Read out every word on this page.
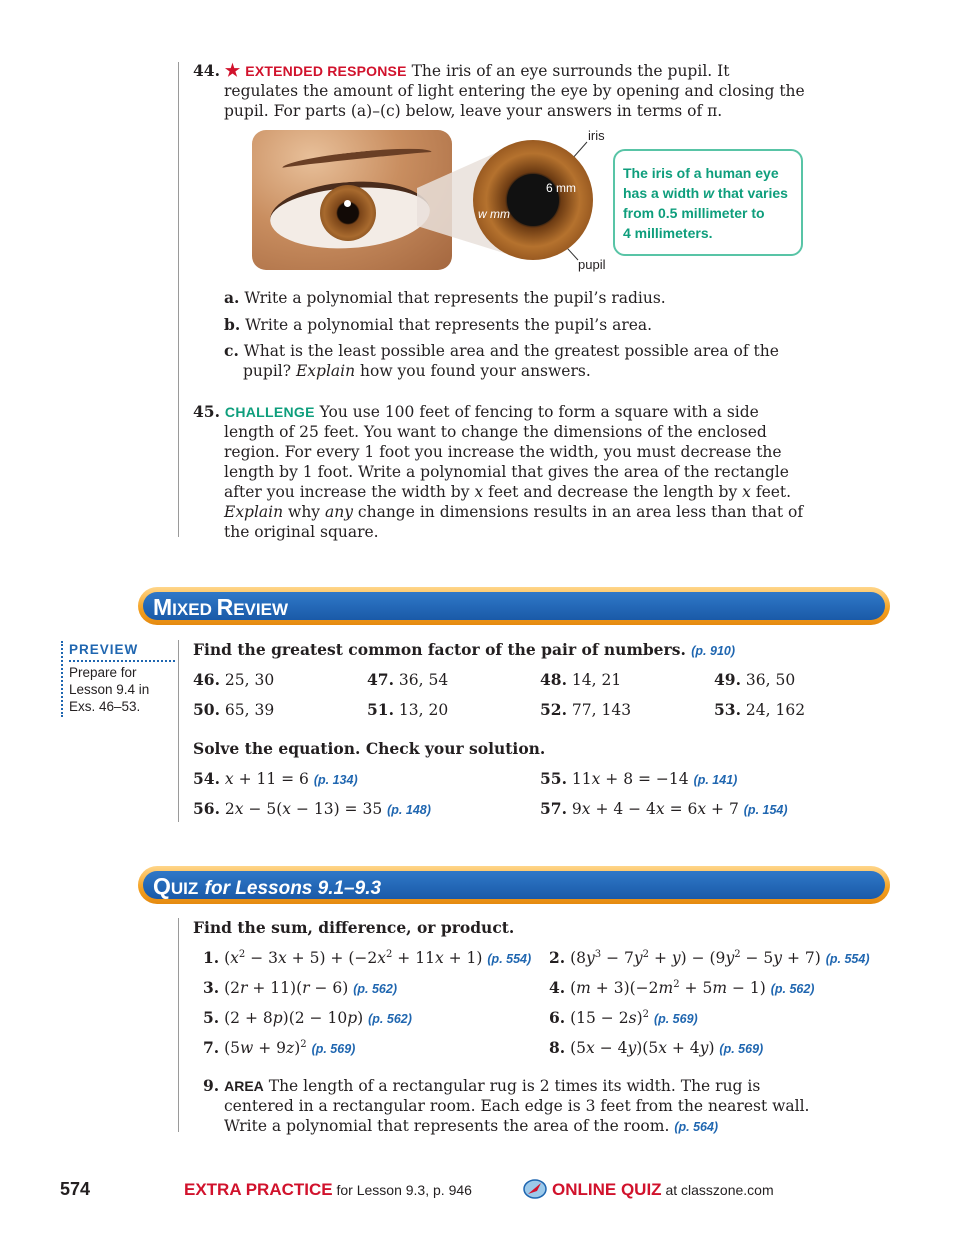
44. ★ EXTENDED RESPONSE The iris of an eye surrounds the pupil. It
regulates the amount of light entering the eye by opening and closing the
pupil. For parts (a)–(c) below, leave your answers in terms of π.
iris
pupil
6 mm
w mm
The iris of a human eye
has a width w that varies
from 0.5 millimeter to
4 millimeters.
a. Write a polynomial that represents the pupil’s radius.
b. Write a polynomial that represents the pupil’s area.
c. What is the least possible area and the greatest possible area of the
pupil? Explain how you found your answers.
45. CHALLENGE You use 100 feet of fencing to form a square with a side
length of 25 feet. You want to change the dimensions of the enclosed
region. For every 1 foot you increase the width, you must decrease the
length by 1 foot. Write a polynomial that gives the area of the rectangle
after you increase the width by x feet and decrease the length by x feet.
Explain why any change in dimensions results in an area less than that of
the original square.
MIXED REVIEW
PREVIEW
Prepare for
Lesson 9.4 in
Exs. 46–53.
Find the greatest common factor of the pair of numbers. (p. 910)
46. 25, 30	47. 36, 54	48. 14, 21	49. 36, 50
50. 65, 39	51. 13, 20	52. 77, 143	53. 24, 162
Solve the equation. Check your solution.
54. x + 11 = 6 (p. 134)	55. 11x + 8 = −14 (p. 141)
56. 2x − 5(x − 13) = 35 (p. 148)	57. 9x + 4 − 4x = 6x + 7 (p. 154)
QUIZ for Lessons 9.1–9.3
Find the sum, difference, or product.
1. $(x^2 - 3x + 5) + (-2x^2 + 11x + 1)$ (p. 554) 2. $(8y^3 - 7y^2 + y) - (9y^2 - 5y + 7)$ (p. 554)
3. (2r + 11)(r − 6) (p. 562)	4. $(m + 3)(-2m^2 + 5m - 1)$ (p. 562)
5. (2 + 8p)(2 − 10p) (p. 562)	6. $(15 - 2s)^2$ (p. 569)
7. $(5w + 9z)^2$ (p. 569)	8. (5x − 4y)(5x + 4y) (p. 569)
9. AREA The length of a rectangular rug is 2 times its width. The rug is
centered in a rectangular room. Each edge is 3 feet from the nearest wall.
Write a polynomial that represents the area of the room. (p. 564)
574	EXTRA PRACTICE for Lesson 9.3, p. 946	ONLINE QUIZ at classzone.com
